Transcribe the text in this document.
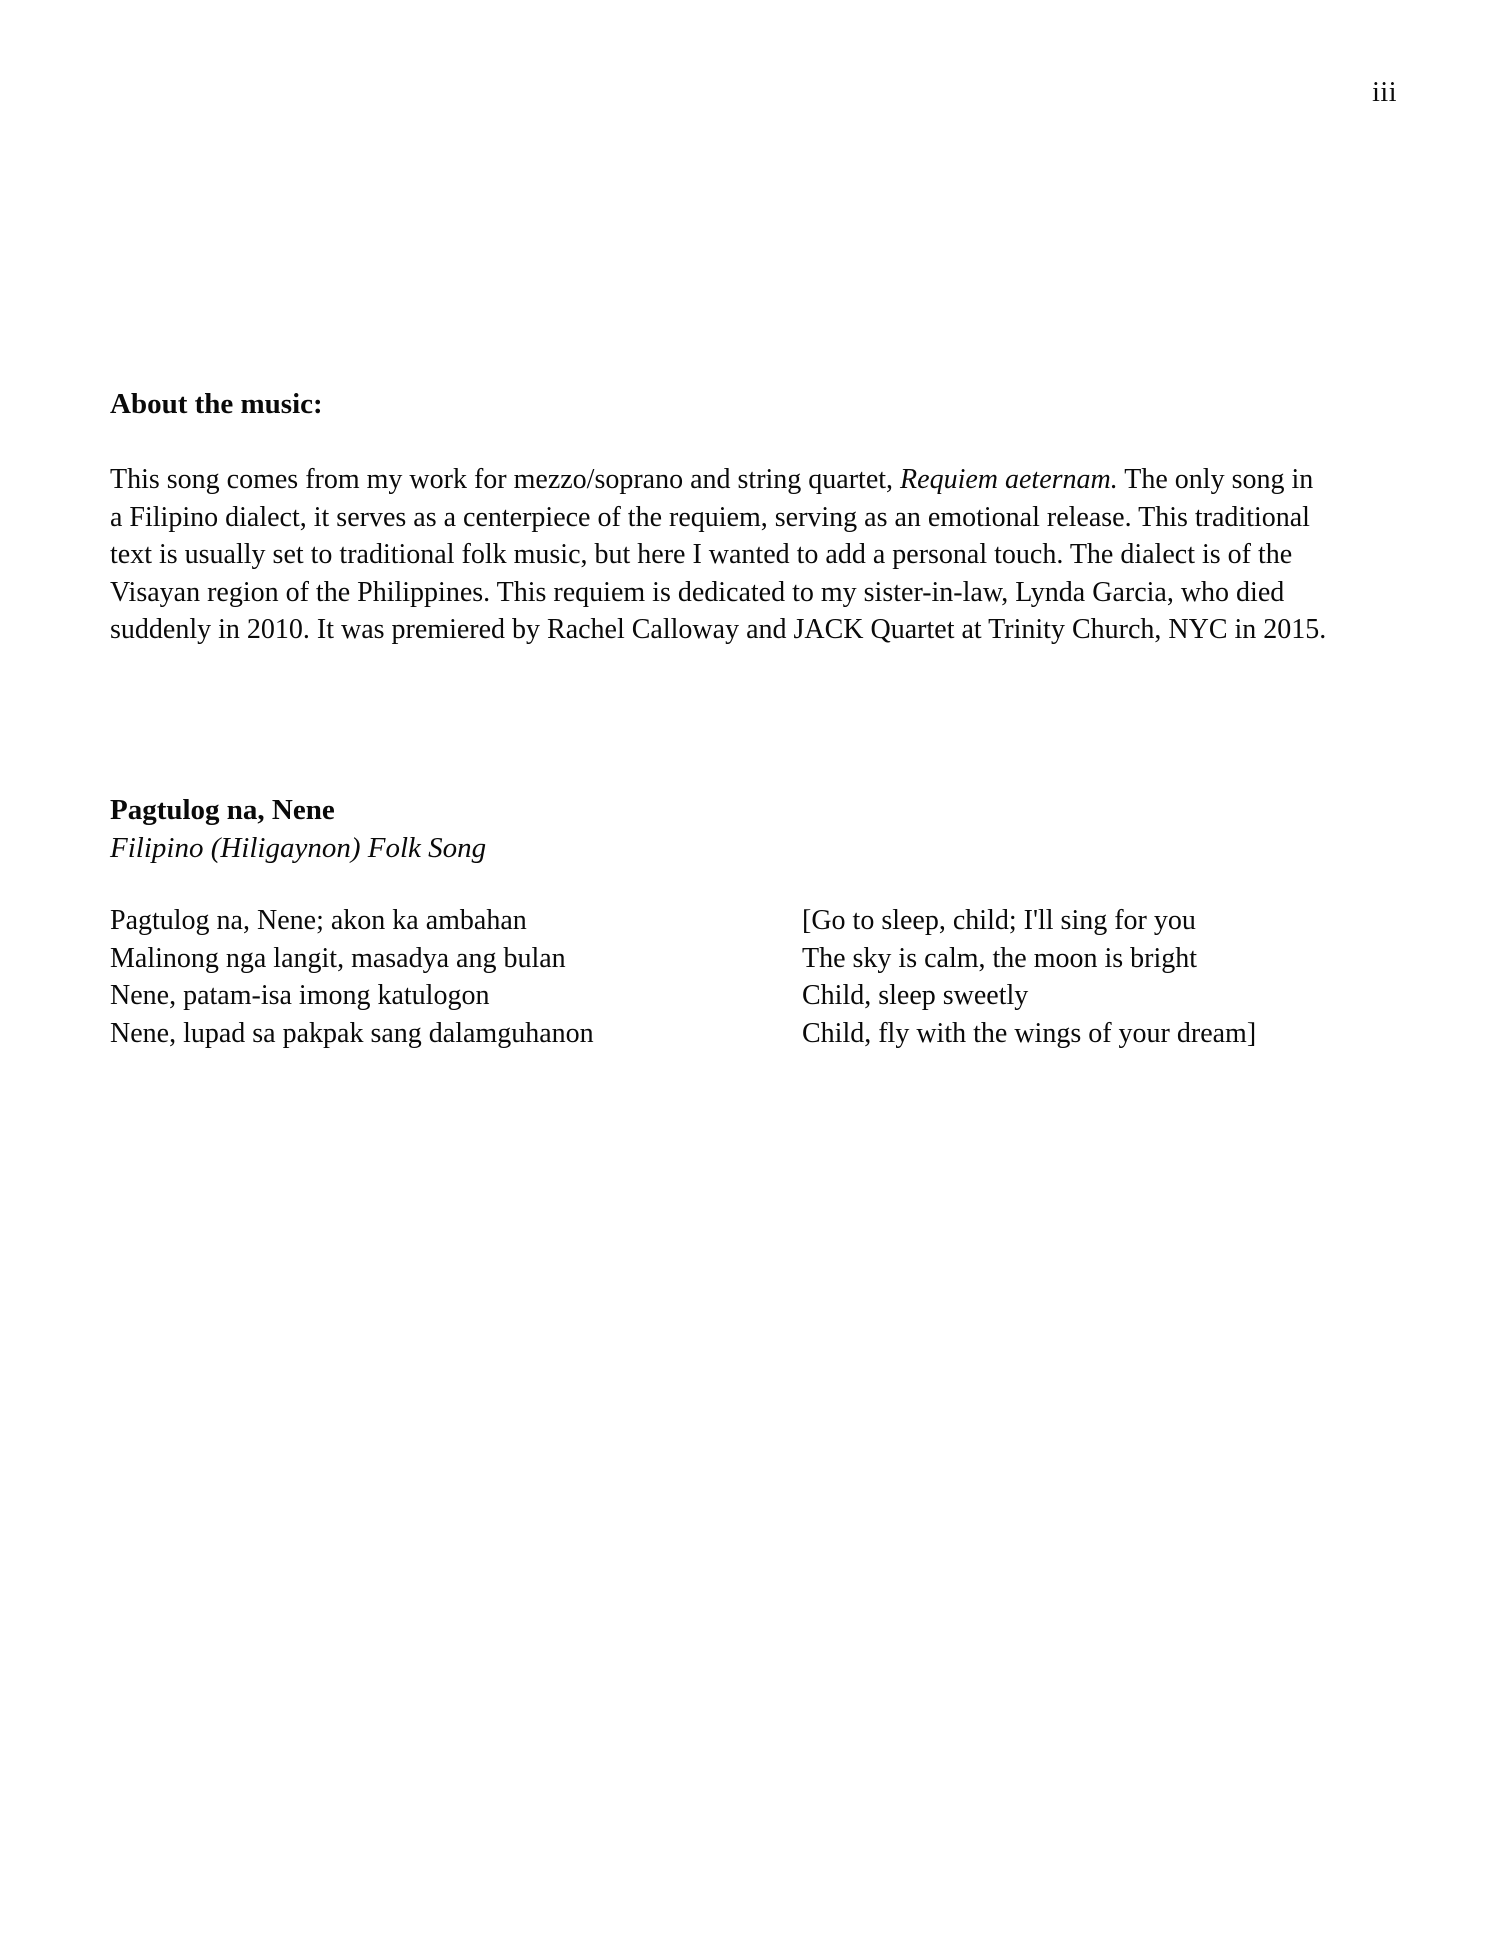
iii
About the music:
This song comes from my work for mezzo/soprano and string quartet, Requiem aeternam. The only song in
a Filipino dialect, it serves as a centerpiece of the requiem, serving as an emotional release. This traditional
text is usually set to traditional folk music, but here I wanted to add a personal touch. The dialect is of the
Visayan region of the Philippines. This requiem is dedicated to my sister-in-law, Lynda Garcia, who died
suddenly in 2010. It was premiered by Rachel Calloway and JACK Quartet at Trinity Church, NYC in 2015.
Pagtulog na, Nene
Filipino (Hiligaynon) Folk Song
Pagtulog na, Nene; akon ka ambahan
Malinong nga langit, masadya ang bulan
Nene, patam-isa imong katulogon
Nene, lupad sa pakpak sang dalamguhanon
[Go to sleep, child; I'll sing for you
The sky is calm, the moon is bright
Child, sleep sweetly
Child, fly with the wings of your dream]
